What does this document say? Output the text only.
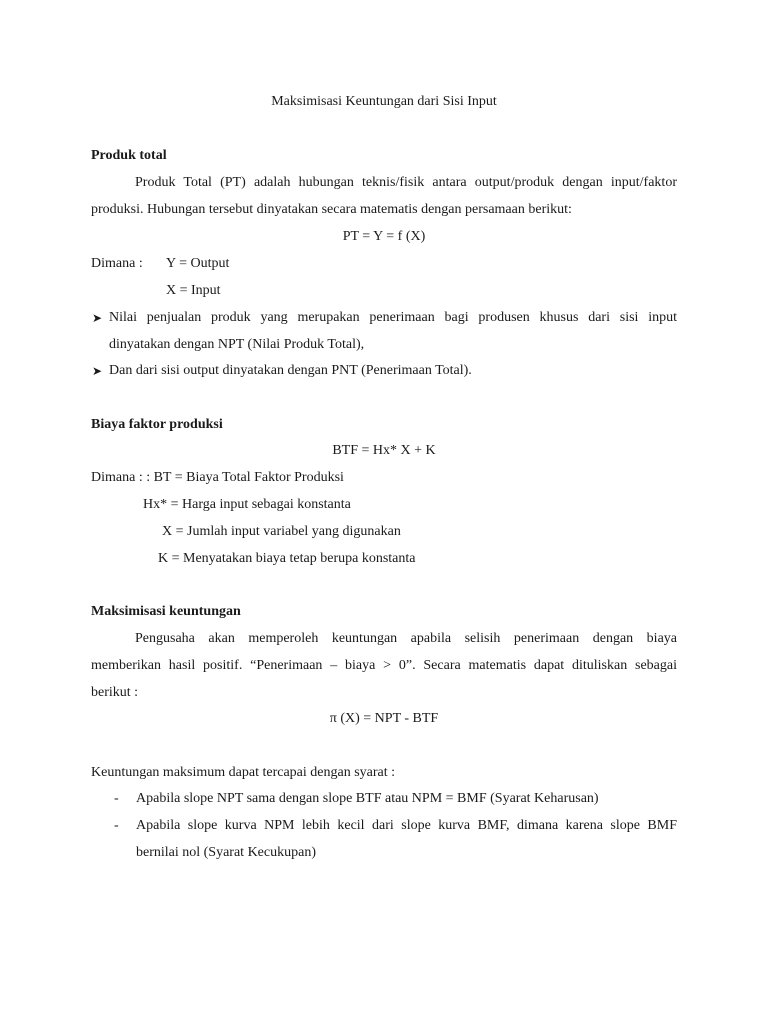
Maksimisasi Keuntungan dari Sisi Input
Produk total
Produk Total (PT) adalah hubungan teknis/fisik antara output/produk dengan input/faktor
produksi. Hubungan tersebut dinyatakan secara matematis dengan persamaan berikut:
PT = Y = f (X)
Dimana : Y = Output
X = Input
➤ Nilai penjualan produk yang merupakan penerimaan bagi produsen khusus dari sisi input
dinyatakan dengan NPT (Nilai Produk Total),
➤ Dan dari sisi output dinyatakan dengan PNT (Penerimaan Total).
Biaya faktor produksi
BTF = Hx* X + K
Dimana : : BT = Biaya Total Faktor Produksi
Hx* = Harga input sebagai konstanta
X = Jumlah input variabel yang digunakan
K = Menyatakan biaya tetap berupa konstanta
Maksimisasi keuntungan
Pengusaha akan memperoleh keuntungan apabila selisih penerimaan dengan biaya
memberikan hasil positif. “Penerimaan – biaya > 0”. Secara matematis dapat dituliskan sebagai
berikut :
π (X) = NPT - BTF
Keuntungan maksimum dapat tercapai dengan syarat :
- Apabila slope NPT sama dengan slope BTF atau NPM = BMF (Syarat Keharusan)
- Apabila slope kurva NPM lebih kecil dari slope kurva BMF, dimana karena slope BMF
bernilai nol (Syarat Kecukupan)
